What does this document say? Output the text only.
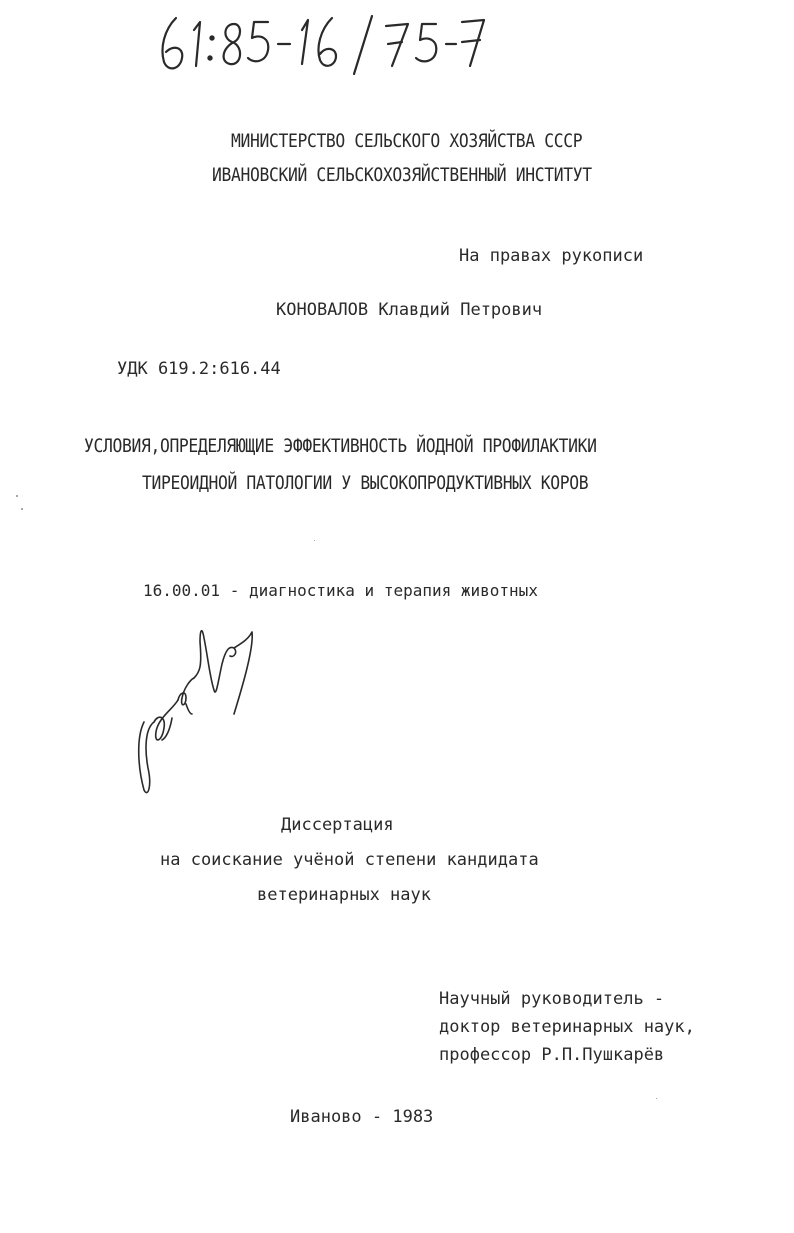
МИНИСТЕРСТВО СЕЛЬСКОГО ХОЗЯЙСТВА СССР
ИВАНОВСКИЙ СЕЛЬСКОХОЗЯЙСТВЕННЫЙ ИНСТИТУТ
На правах рукописи
КОНОВАЛОВ Клавдий Петрович
УДК 619.2:616.44
УСЛОВИЯ,ОПРЕДЕЛЯЮЩИЕ ЭФФЕКТИВНОСТЬ ЙОДНОЙ ПРОФИЛАКТИКИ
ТИРЕОИДНОЙ ПАТОЛОГИИ У ВЫСОКОПРОДУКТИВНЫХ КОРОВ
16.00.01 - диагностика и терапия животных
Диссертация
на соискание учёной степени кандидата
ветеринарных наук
Научный руководитель -
доктор ветеринарных наук,
профессор Р.П.Пушкарёв
Иваново - 1983
